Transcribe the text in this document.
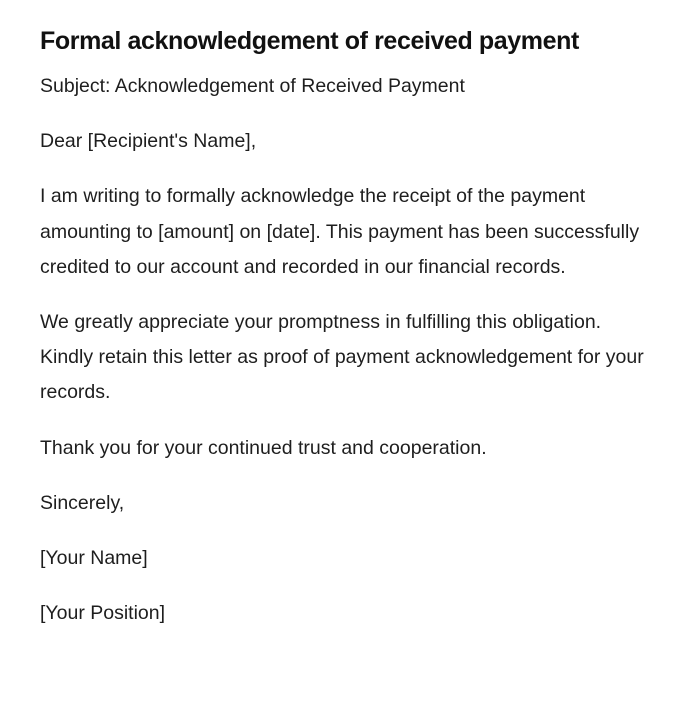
Formal acknowledgement of received payment

Subject: Acknowledgement of Received Payment

Dear [Recipient's Name],

I am writing to formally acknowledge the receipt of the payment amounting to [amount] on [date]. This payment has been successfully credited to our account and recorded in our financial records.

We greatly appreciate your promptness in fulfilling this obligation. Kindly retain this letter as proof of payment acknowledgement for your records.

Thank you for your continued trust and cooperation.

Sincerely,

[Your Name]

[Your Position]
